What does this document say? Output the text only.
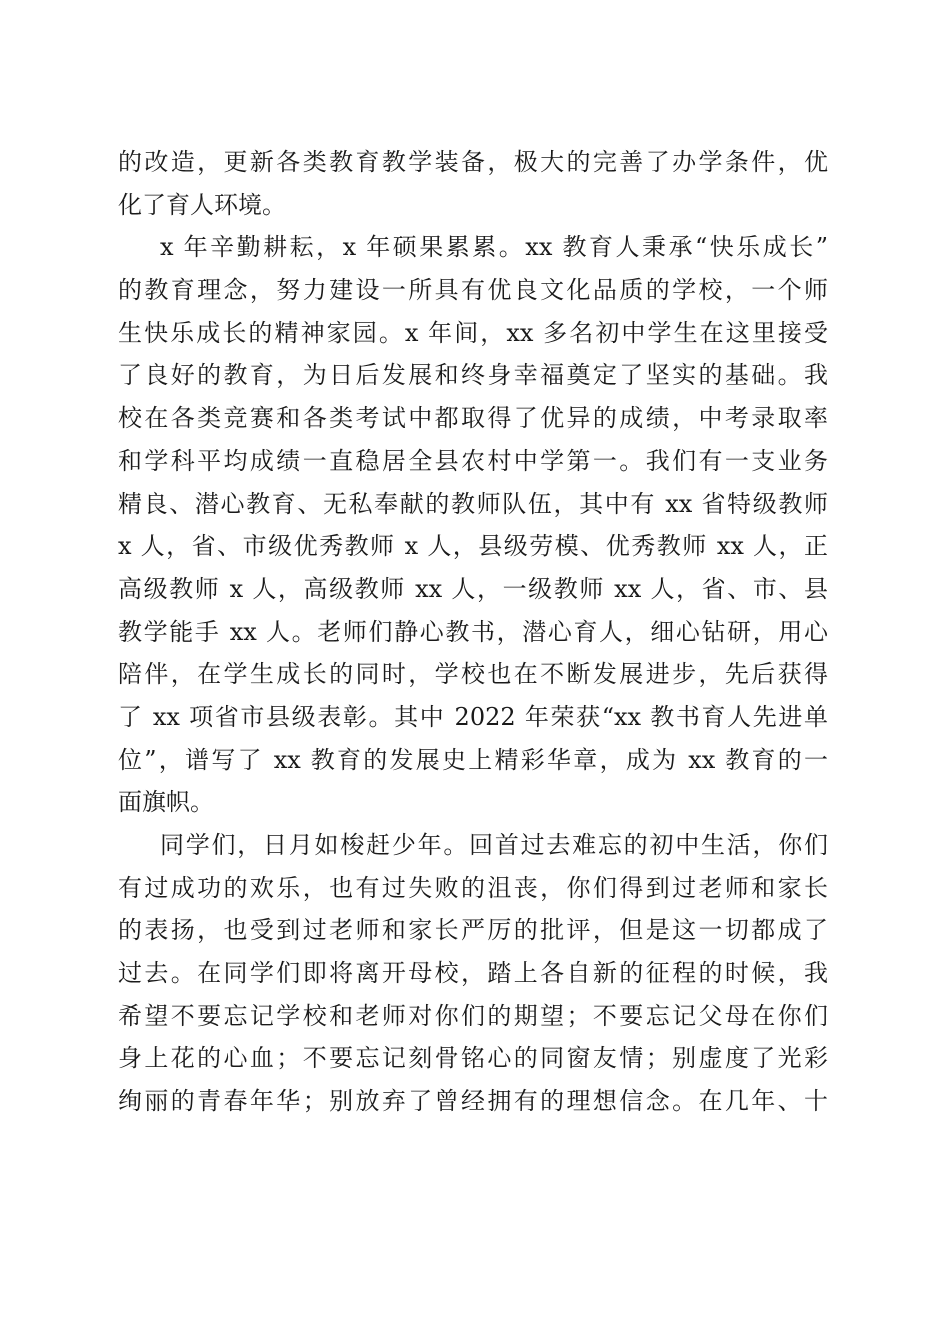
的改造，更新各类教育教学装备，极大的完善了办学条件，优
化了育人环境。
x 年辛勤耕耘，x 年硕果累累。xx 教育人秉承“快乐成长”
的教育理念，努力建设一所具有优良文化品质的学校，一个师
生快乐成长的精神家园。x 年间，xx 多名初中学生在这里接受
了良好的教育，为日后发展和终身幸福奠定了坚实的基础。我
校在各类竞赛和各类考试中都取得了优异的成绩，中考录取率
和学科平均成绩一直稳居全县农村中学第一。我们有一支业务
精良、潜心教育、无私奉献的教师队伍，其中有 xx 省特级教师
x 人，省、市级优秀教师 x 人，县级劳模、优秀教师 xx 人，正
高级教师 x 人，高级教师 xx 人，一级教师 xx 人，省、市、县
教学能手 xx 人。老师们静心教书，潜心育人，细心钻研，用心
陪伴，在学生成长的同时，学校也在不断发展进步，先后获得
了 xx 项省市县级表彰。其中 2022 年荣获“xx 教书育人先进单
位”，谱写了 xx 教育的发展史上精彩华章，成为 xx 教育的一
面旗帜。
同学们，日月如梭赶少年。回首过去难忘的初中生活，你们
有过成功的欢乐，也有过失败的沮丧，你们得到过老师和家长
的表扬，也受到过老师和家长严厉的批评，但是这一切都成了
过去。在同学们即将离开母校，踏上各自新的征程的时候，我
希望不要忘记学校和老师对你们的期望；不要忘记父母在你们
身上花的心血；不要忘记刻骨铭心的同窗友情；别虚度了光彩
绚丽的青春年华；别放弃了曾经拥有的理想信念。在几年、十
